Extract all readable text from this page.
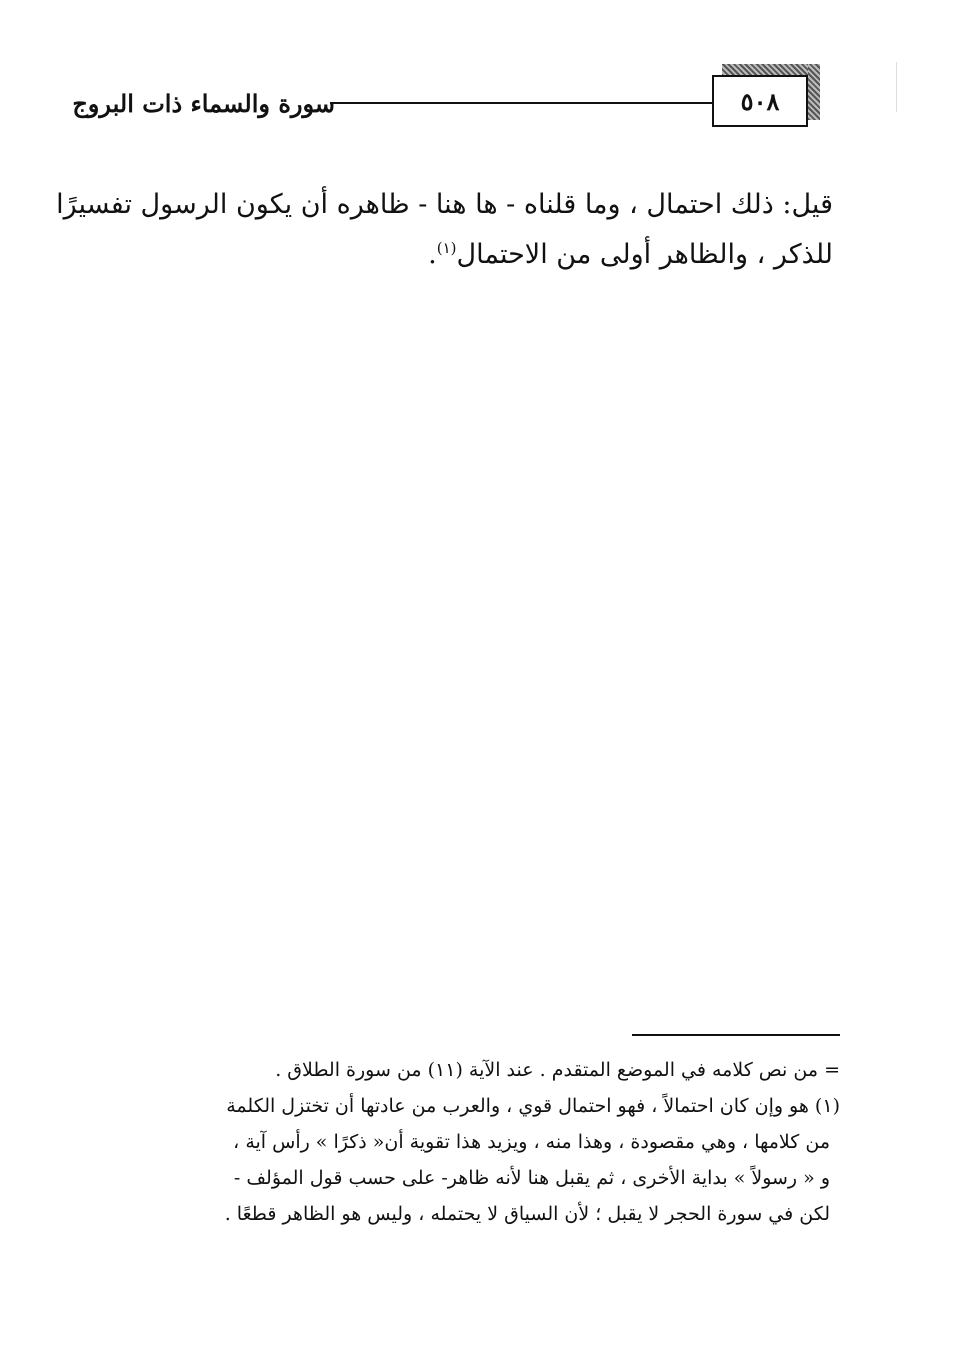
٥٠٨
سورة والسماء ذات البروج

قيل: ذلك احتمال ، وما قلناه - ها هنا - ظاهره أن يكون الرسول تفسيرًا
للذكر ، والظاهر أولى من الاحتمال$^{(١)}$.

= من نص كلامه في الموضع المتقدم . عند الآية (١١) من سورة الطلاق .
(١) هو وإن كان احتمالاً ، فهو احتمال قوي ، والعرب من عادتها أن تختزل الكلمة
من كلامها ، وهي مقصودة ، وهذا منه ، ويزيد هذا تقوية أن« ذكرًا » رأس آية ،
و « رسولاً » بداية الأخرى ، ثم يقبل هنا لأنه ظاهر- على حسب قول المؤلف -
لكن في سورة الحجر لا يقبل ؛ لأن السياق لا يحتمله ، وليس هو الظاهر قطعًا .
